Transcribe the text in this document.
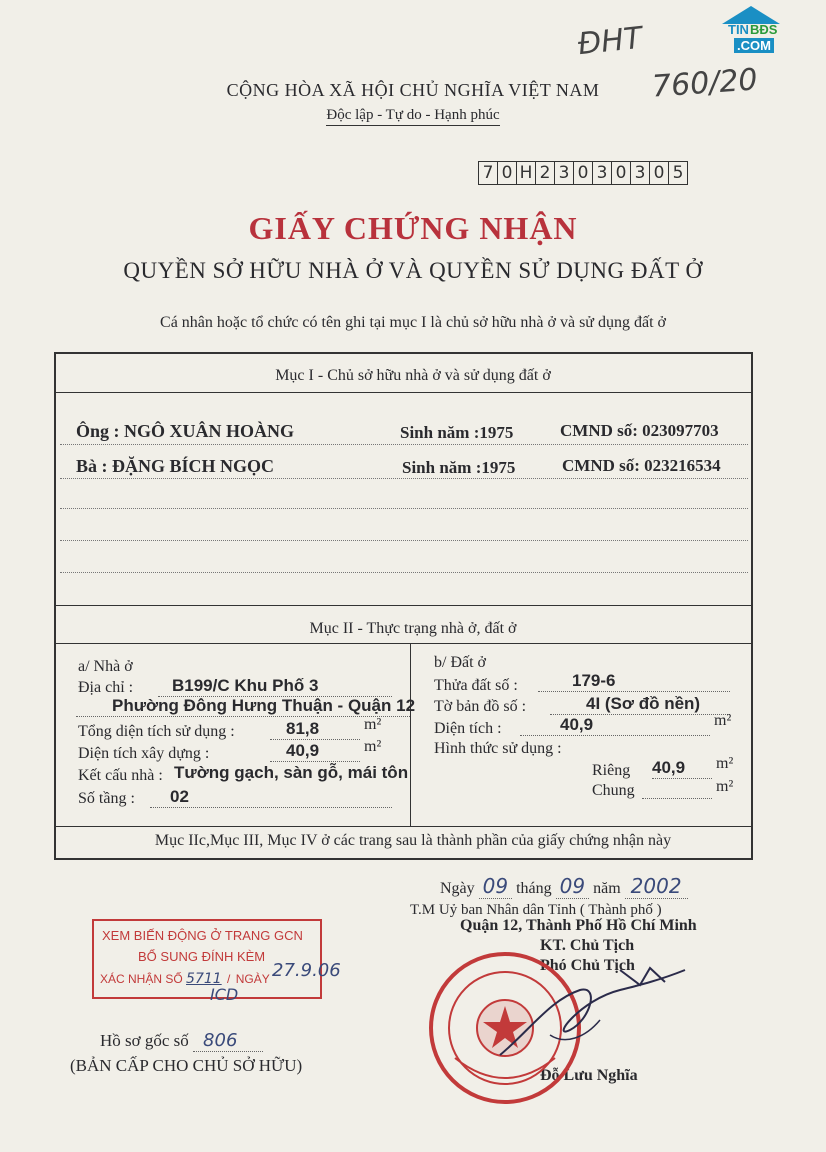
TIN BĐS
.COM
ĐHT
760/20
CỘNG HÒA XÃ HỘI CHỦ NGHĨA VIỆT NAM
Độc lập - Tự do - Hạnh phúc
7 0 H 2 3 0 3 0 3 0 5
GIẤY CHỨNG NHẬN
QUYỀN SỞ HỮU NHÀ Ở VÀ QUYỀN SỬ DỤNG ĐẤT Ở
Cá nhân hoặc tổ chức có tên ghi tại mục I là chủ sở hữu nhà ở và sử dụng đất ở
Mục I - Chủ sở hữu nhà ở và sử dụng đất ở
Ông : NGÔ XUÂN HOÀNG	Sinh năm :1975	CMND số: 023097703
Bà : ĐẶNG BÍCH NGỌC	Sinh năm :1975	CMND số: 023216534
Mục II - Thực trạng nhà ở, đất ở
a/ Nhà ở
Địa chỉ :	B199/C Khu Phố 3
Phường Đông Hưng Thuận - Quận 12
Tổng diện tích sử dụng :	81,8	m²
Diện tích xây dựng :	40,9	m²
Kết cấu nhà : Tường gạch, sàn gỗ, mái tôn
Số tầng :	02
b/ Đất ở
Thửa đất số :	179-6
Tờ bản đồ số :	4I (Sơ đồ nền)
Diện tích :	40,9	m²
Hình thức sử dụng :
Riêng 40,9	m²
Chung	m²
Mục IIc,Mục III, Mục IV ở các trang sau là thành phần của giấy chứng nhận này
Ngày 09 tháng 09 năm 2002
T.M Uỷ ban Nhân dân Tỉnh ( Thành phố )
Quận 12, Thành Phố Hồ Chí Minh
KT. Chủ Tịch
Phó Chủ Tịch
Đỗ Lưu Nghĩa
XEM BIẾN ĐỘNG Ở TRANG GCN
BỔ SUNG ĐÍNH KÈM
XÁC NHẬN SỐ 5711 / NGÀY 27.9.06
ICD
Hồ sơ gốc số 806
(BẢN CẤP CHO CHỦ SỞ HỮU)
